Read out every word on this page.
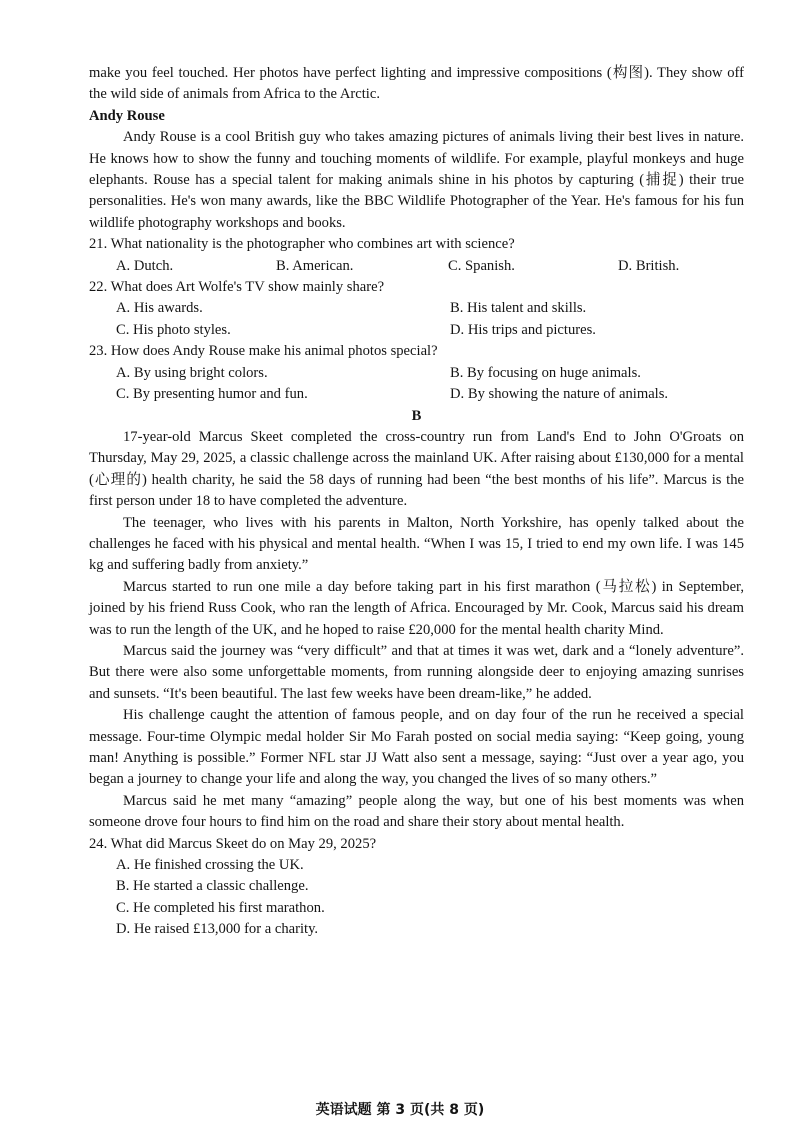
make you feel touched. Her photos have perfect lighting and impressive compositions (构图). They show off the wild side of animals from Africa to the Arctic.

Andy Rouse

Andy Rouse is a cool British guy who takes amazing pictures of animals living their best lives in nature. He knows how to show the funny and touching moments of wildlife. For example, playful monkeys and huge elephants. Rouse has a special talent for making animals shine in his photos by capturing (捕捉) their true personalities. He's won many awards, like the BBC Wildlife Photographer of the Year. He's famous for his fun wildlife photography workshops and books.

21. What nationality is the photographer who combines art with science?

A. Dutch.	B. American.	C. Spanish.	D. British.

22. What does Art Wolfe's TV show mainly share?

A. His awards.	B. His talent and skills.
C. His photo styles.	D. His trips and pictures.

23. How does Andy Rouse make his animal photos special?

A. By using bright colors.	B. By focusing on huge animals.
C. By presenting humor and fun.	D. By showing the nature of animals.

B

17-year-old Marcus Skeet completed the cross-country run from Land's End to John O'Groats on Thursday, May 29, 2025, a classic challenge across the mainland UK. After raising about £130,000 for a mental (心理的) health charity, he said the 58 days of running had been “the best months of his life”. Marcus is the first person under 18 to have completed the adventure.

The teenager, who lives with his parents in Malton, North Yorkshire, has openly talked about the challenges he faced with his physical and mental health. “When I was 15, I tried to end my own life. I was 145 kg and suffering badly from anxiety.”

Marcus started to run one mile a day before taking part in his first marathon (马拉松) in September, joined by his friend Russ Cook, who ran the length of Africa. Encouraged by Mr. Cook, Marcus said his dream was to run the length of the UK, and he hoped to raise £20,000 for the mental health charity Mind.

Marcus said the journey was “very difficult” and that at times it was wet, dark and a “lonely adventure”. But there were also some unforgettable moments, from running alongside deer to enjoying amazing sunrises and sunsets. “It's been beautiful. The last few weeks have been dream-like,” he added.

His challenge caught the attention of famous people, and on day four of the run he received a special message. Four-time Olympic medal holder Sir Mo Farah posted on social media saying: “Keep going, young man! Anything is possible.” Former NFL star JJ Watt also sent a message, saying: “Just over a year ago, you began a journey to change your life and along the way, you changed the lives of so many others.”

Marcus said he met many “amazing” people along the way, but one of his best moments was when someone drove four hours to find him on the road and share their story about mental health.

24. What did Marcus Skeet do on May 29, 2025?

A. He finished crossing the UK.
B. He started a classic challenge.
C. He completed his first marathon.
D. He raised £13,000 for a charity.
英语试题 第 3 页(共 8 页)
